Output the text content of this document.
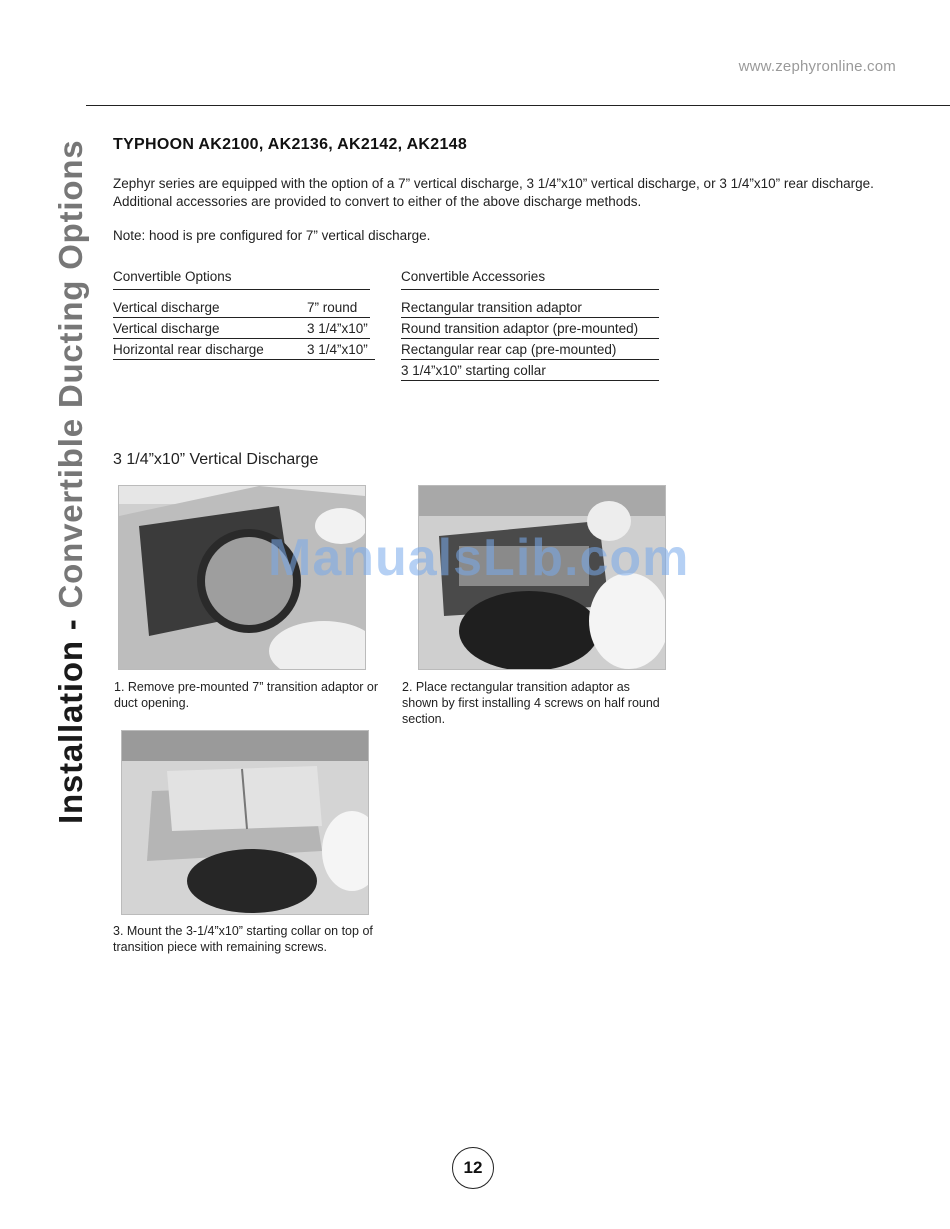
www.zephyronline.com
Installation - Convertible Ducting Options TYPHOON AK2100, AK2136, AK2142, AK2148

Zephyr series are equipped with the option of a 7” vertical discharge, 3 1/4”x10” vertical discharge, or 3 1/4”x10” rear discharge. Additional accessories are provided to convert to either of the above discharge methods.

Note: hood is pre configured for 7” vertical discharge.

Convertible Options
Vertical discharge	7” round
Vertical discharge	3 1/4”x10”
Horizontal rear discharge	3 1/4”x10”
Convertible Accessories
Rectangular transition adaptor
Round transition adaptor (pre-mounted)
Rectangular rear cap (pre-mounted)
3 1/4”x10” starting collar
3 1/4”x10” Vertical Discharge

1. Remove pre-mounted 7” transition adaptor or duct opening.

2. Place rectangular transition adaptor as shown by first installing 4 screws on half round section.

3. Mount the 3-1/4”x10” starting collar on top of transition piece with remaining screws.

ManualsLib.com
12
